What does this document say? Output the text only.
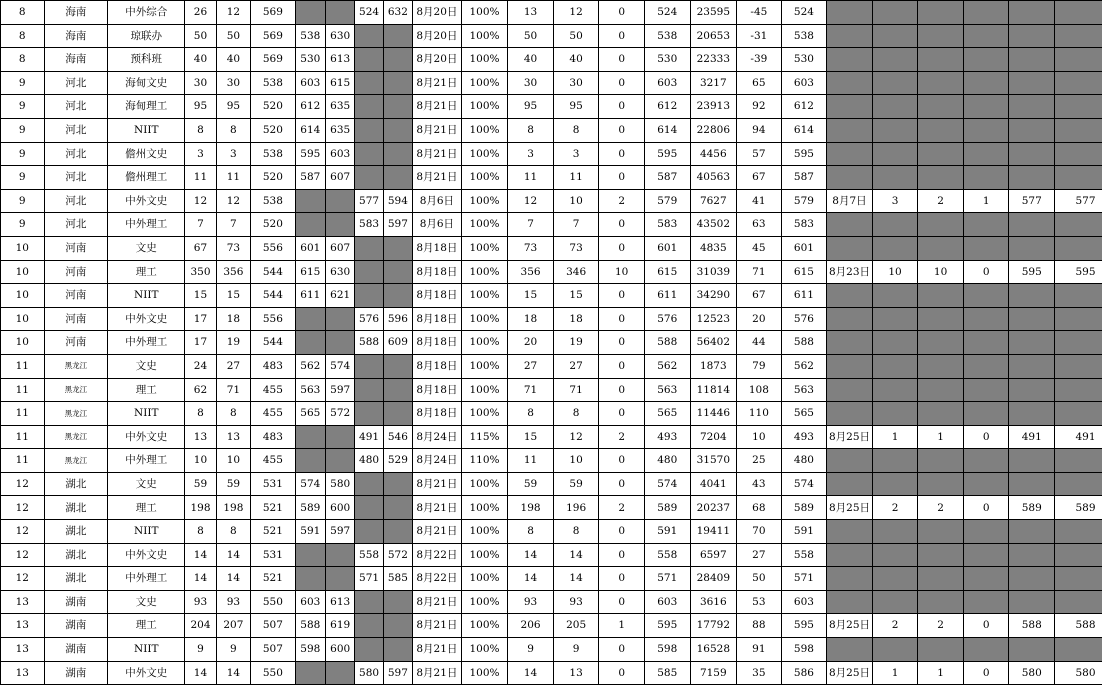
8	海南	中外综合	26	12	569			524	632	8月20日	100%	13	12	0	524	23595	-45	524						
8	海南	琼联办	50	50	569	538	630			8月20日	100%	50	50	0	538	20653	-31	538						
8	海南	预科班	40	40	569	530	613			8月20日	100%	40	40	0	530	22333	-39	530						
9	河北	海甸文史	30	30	538	603	615			8月21日	100%	30	30	0	603	3217	65	603						
9	河北	海甸理工	95	95	520	612	635			8月21日	100%	95	95	0	612	23913	92	612						
9	河北	NIIT	8	8	520	614	635			8月21日	100%	8	8	0	614	22806	94	614						
9	河北	儋州文史	3	3	538	595	603			8月21日	100%	3	3	0	595	4456	57	595						
9	河北	儋州理工	11	11	520	587	607			8月21日	100%	11	11	0	587	40563	67	587						
9	河北	中外文史	12	12	538			577	594	8月6日	100%	12	10	2	579	7627	41	579	8月7日	3	2	1	577	577
9	河北	中外理工	7	7	520			583	597	8月6日	100%	7	7	0	583	43502	63	583						
10	河南	文史	67	73	556	601	607			8月18日	100%	73	73	0	601	4835	45	601						
10	河南	理工	350	356	544	615	630			8月18日	100%	356	346	10	615	31039	71	615	8月23日	10	10	0	595	595
10	河南	NIIT	15	15	544	611	621			8月18日	100%	15	15	0	611	34290	67	611						
10	河南	中外文史	17	18	556			576	596	8月18日	100%	18	18	0	576	12523	20	576						
10	河南	中外理工	17	19	544			588	609	8月18日	100%	20	19	0	588	56402	44	588						
11	黑龙江	文史	24	27	483	562	574			8月18日	100%	27	27	0	562	1873	79	562						
11	黑龙江	理工	62	71	455	563	597			8月18日	100%	71	71	0	563	11814	108	563						
11	黑龙江	NIIT	8	8	455	565	572			8月18日	100%	8	8	0	565	11446	110	565						
11	黑龙江	中外文史	13	13	483			491	546	8月24日	115%	15	12	2	493	7204	10	493	8月25日	1	1	0	491	491
11	黑龙江	中外理工	10	10	455			480	529	8月24日	110%	11	10	0	480	31570	25	480						
12	湖北	文史	59	59	531	574	580			8月21日	100%	59	59	0	574	4041	43	574						
12	湖北	理工	198	198	521	589	600			8月21日	100%	198	196	2	589	20237	68	589	8月25日	2	2	0	589	589
12	湖北	NIIT	8	8	521	591	597			8月21日	100%	8	8	0	591	19411	70	591						
12	湖北	中外文史	14	14	531			558	572	8月22日	100%	14	14	0	558	6597	27	558						
12	湖北	中外理工	14	14	521			571	585	8月22日	100%	14	14	0	571	28409	50	571						
13	湖南	文史	93	93	550	603	613			8月21日	100%	93	93	0	603	3616	53	603						
13	湖南	理工	204	207	507	588	619			8月21日	100%	206	205	1	595	17792	88	595	8月25日	2	2	0	588	588
13	湖南	NIIT	9	9	507	598	600			8月21日	100%	9	9	0	598	16528	91	598						
13	湖南	中外文史	14	14	550			580	597	8月21日	100%	14	13	0	585	7159	35	586	8月25日	1	1	0	580	580
